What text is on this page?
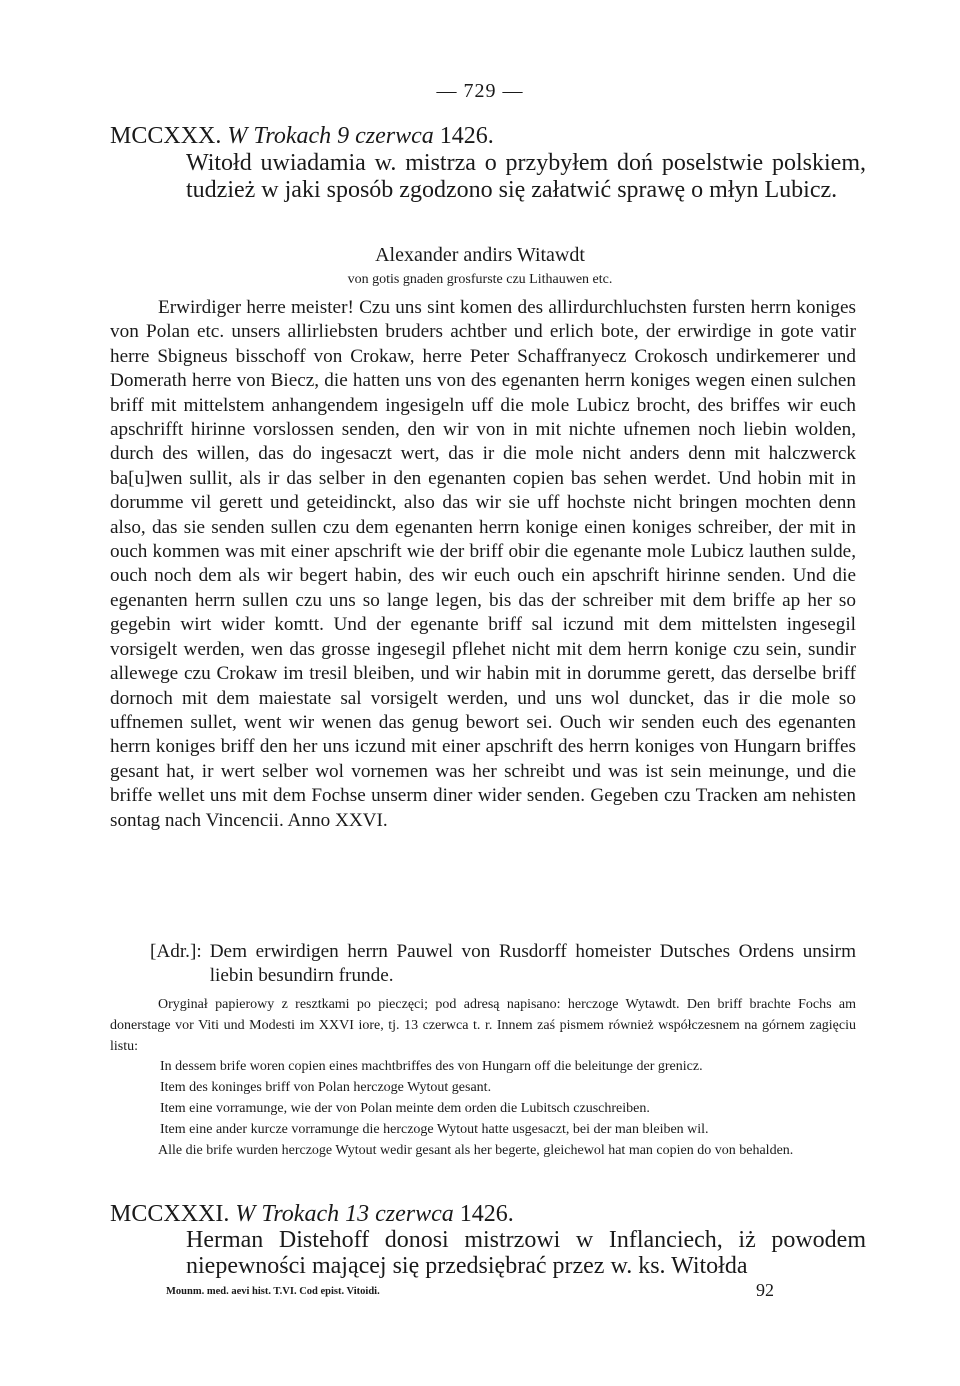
— 729 —
MCCXXX. W Trokach 9 czerwca 1426.
Witołd uwiadamia w. mistrza o przybyłem doń poselstwie polskiem, tudzież w jaki sposób zgodzono się załatwić sprawę o młyn Lubicz.
Alexander andirs Witawdt
von gotis gnaden grosfurste czu Lithauwen etc.

Erwirdiger herre meister! Czu uns sint komen des allirdurchluchsten fursten herrn koniges von Polan etc. unsers allirliebsten bruders achtber und erlich bote, der erwirdige in gote vatir herre Sbigneus bisschoff von Crokaw, herre Peter Schaffranyecz Crokosch undirkemerer und Domerath herre von Biecz, die hatten uns von des egenanten herrn koniges wegen einen sulchen briff mit mittelstem anhangendem ingesigeln uff die mole Lubicz brocht, des briffes wir euch apschrifft hirinne vorslossen senden, den wir von in mit nichte ufnemen noch liebin wolden, durch des willen, das do ingesaczt wert, das ir die mole nicht anders denn mit halczwerck ba[u]wen sullit, als ir das selber in den egenanten copien bas sehen werdet. Und hobin mit in dorumme vil gerett und geteidinckt, also das wir sie uff hochste nicht bringen mochten denn also, das sie senden sullen czu dem egenanten herrn konige einen koniges schreiber, der mit in ouch kommen was mit einer apschrift wie der briff obir die egenante mole Lubicz lauthen sulde, ouch noch dem als wir begert habin, des wir euch ouch ein apschrift hirinne senden. Und die egenanten herrn sullen czu uns so lange legen, bis das der schreiber mit dem briffe ap her so gegebin wirt wider komtt. Und der egenante briff sal iczund mit dem mittelsten ingesegil vorsigelt werden, wen das grosse ingesegil pflehet nicht mit dem herrn konige czu sein, sundir allewege czu Crokaw im tresil bleiben, und wir habin mit in dorumme gerett, das derselbe briff dornoch mit dem maiestate sal vorsigelt werden, und uns wol duncket, das ir die mole so uffnemen sullet, went wir wenen das genug bewort sei. Ouch wir senden euch des egenanten herrn koniges briff den her uns iczund mit einer apschrift des herrn koniges von Hungarn briffes gesant hat, ir wert selber wol vornemen was her schreibt und was ist sein meinunge, und die briffe wellet uns mit dem Fochse unserm diner wider senden. Gegeben czu Tracken am nehisten sontag nach Vincencii. Anno XXVI.

[Adr.]: Dem erwirdigen herrn Pauwel von Rusdorff homeister Dutsches Ordens unsirm liebin besundirn frunde.

Oryginał papierowy z resztkami po pieczęci; pod adresą napisano: herczoge Wytawdt. Den briff brachte Fochs am donerstage vor Viti und Modesti im XXVI iore, tj. 13 czerwca t. r. Innem zaś pismem również współczesnem na górnem zagięciu listu:

In dessem brife woren copien eines machtbriffes des von Hungarn off die beleitunge der grenicz.

Item des koninges briff von Polan herczoge Wytout gesant.

Item eine vorramunge, wie der von Polan meinte dem orden die Lubitsch czuschreiben.

Item eine ander kurcze vorramunge die herczoge Wytout hatte usgesaczt, bei der man bleiben wil.

Alle die brife wurden herczoge Wytout wedir gesant als her begerte, gleichewol hat man copien do von behalden.

MCCXXXI. W Trokach 13 czerwca 1426.
Herman Distehoff donosi mistrzowi w Inflanciech, iż powodem niepewności mającej się przedsiębrać przez w. ks. Witołda
Mounm. med. aevi hist. T.VI. Cod epist. Vitoidi.	92
